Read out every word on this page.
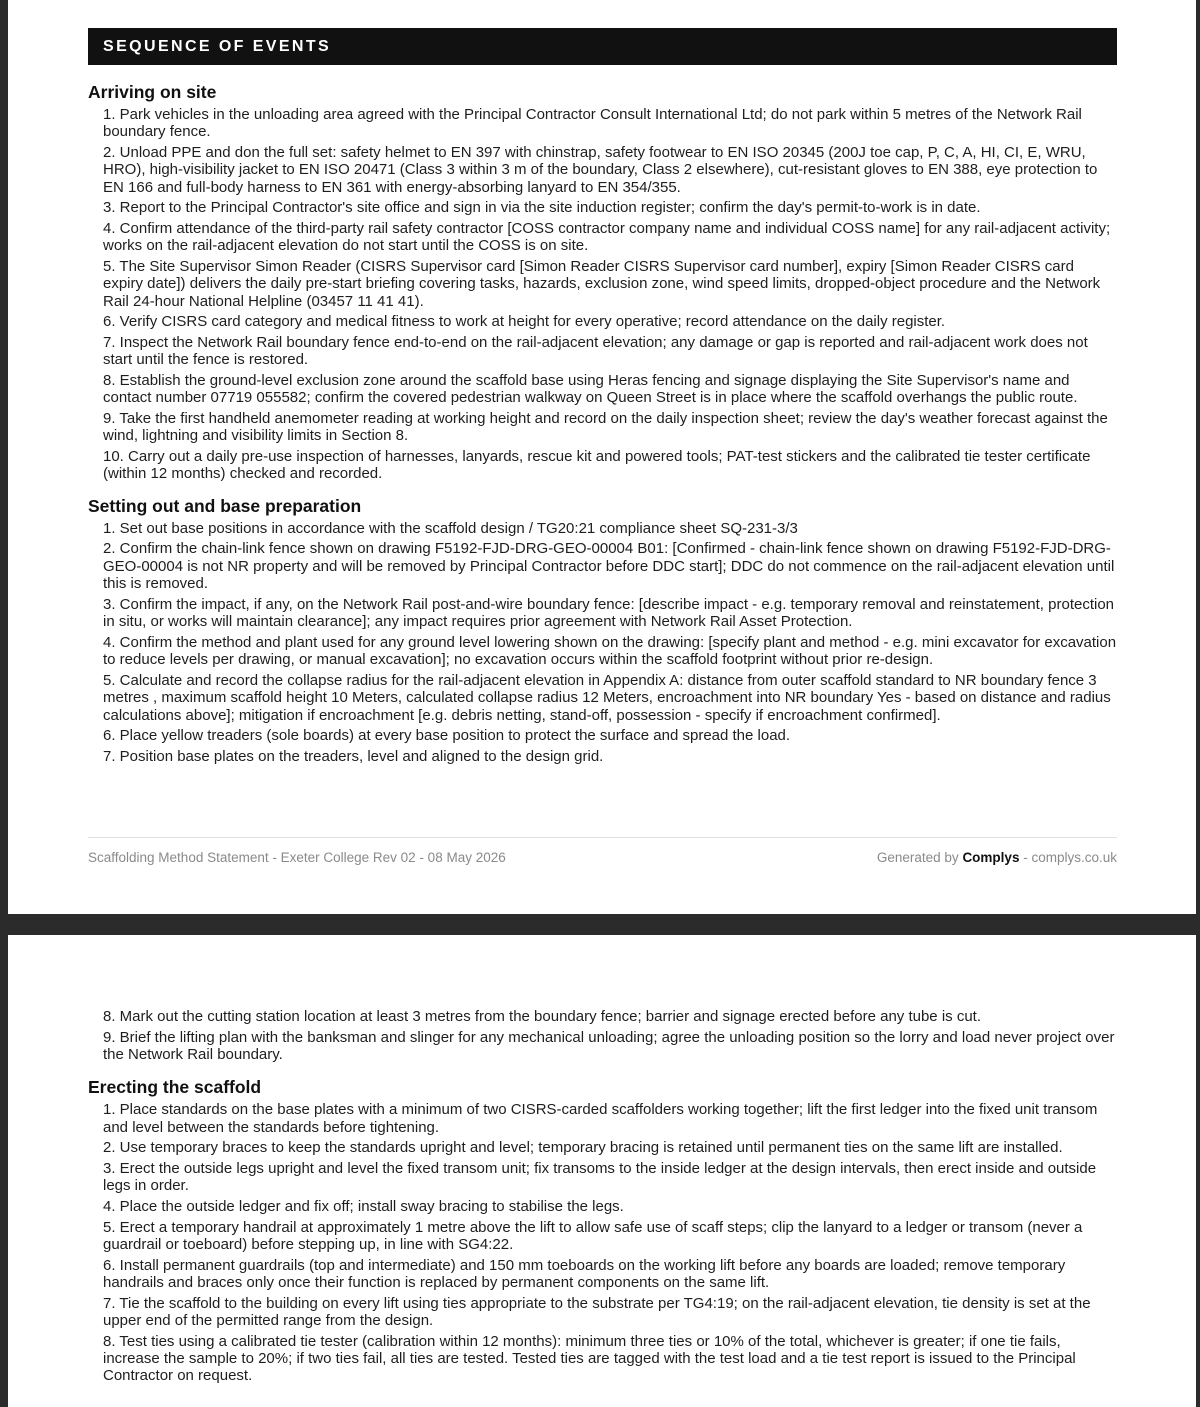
SEQUENCE OF EVENTS
Arriving on site
1. Park vehicles in the unloading area agreed with the Principal Contractor Consult International Ltd; do not park within 5 metres of the Network Rail boundary fence.
2. Unload PPE and don the full set: safety helmet to EN 397 with chinstrap, safety footwear to EN ISO 20345 (200J toe cap, P, C, A, HI, CI, E, WRU, HRO), high-visibility jacket to EN ISO 20471 (Class 3 within 3 m of the boundary, Class 2 elsewhere), cut-resistant gloves to EN 388, eye protection to EN 166 and full-body harness to EN 361 with energy-absorbing lanyard to EN 354/355.
3. Report to the Principal Contractor's site office and sign in via the site induction register; confirm the day's permit-to-work is in date.
4. Confirm attendance of the third-party rail safety contractor [COSS contractor company name and individual COSS name] for any rail-adjacent activity; works on the rail-adjacent elevation do not start until the COSS is on site.
5. The Site Supervisor Simon Reader (CISRS Supervisor card [Simon Reader CISRS Supervisor card number], expiry [Simon Reader CISRS card expiry date]) delivers the daily pre-start briefing covering tasks, hazards, exclusion zone, wind speed limits, dropped-object procedure and the Network Rail 24-hour National Helpline (03457 11 41 41).
6. Verify CISRS card category and medical fitness to work at height for every operative; record attendance on the daily register.
7. Inspect the Network Rail boundary fence end-to-end on the rail-adjacent elevation; any damage or gap is reported and rail-adjacent work does not start until the fence is restored.
8. Establish the ground-level exclusion zone around the scaffold base using Heras fencing and signage displaying the Site Supervisor's name and contact number 07719 055582; confirm the covered pedestrian walkway on Queen Street is in place where the scaffold overhangs the public route.
9. Take the first handheld anemometer reading at working height and record on the daily inspection sheet; review the day's weather forecast against the wind, lightning and visibility limits in Section 8.
10. Carry out a daily pre-use inspection of harnesses, lanyards, rescue kit and powered tools; PAT-test stickers and the calibrated tie tester certificate (within 12 months) checked and recorded.
Setting out and base preparation
1. Set out base positions in accordance with the scaffold design / TG20:21 compliance sheet SQ-231-3/3
2. Confirm the chain-link fence shown on drawing F5192-FJD-DRG-GEO-00004 B01: [Confirmed - chain-link fence shown on drawing F5192-FJD-DRG-GEO-00004 is not NR property and will be removed by Principal Contractor before DDC start]; DDC do not commence on the rail-adjacent elevation until this is removed.
3. Confirm the impact, if any, on the Network Rail post-and-wire boundary fence: [describe impact - e.g. temporary removal and reinstatement, protection in situ, or works will maintain clearance]; any impact requires prior agreement with Network Rail Asset Protection.
4. Confirm the method and plant used for any ground level lowering shown on the drawing: [specify plant and method - e.g. mini excavator for excavation to reduce levels per drawing, or manual excavation]; no excavation occurs within the scaffold footprint without prior re-design.
5. Calculate and record the collapse radius for the rail-adjacent elevation in Appendix A: distance from outer scaffold standard to NR boundary fence 3 metres , maximum scaffold height 10 Meters, calculated collapse radius 12 Meters, encroachment into NR boundary Yes - based on distance and radius calculations above]; mitigation if encroachment [e.g. debris netting, stand-off, possession - specify if encroachment confirmed].
6. Place yellow treaders (sole boards) at every base position to protect the surface and spread the load.
7. Position base plates on the treaders, level and aligned to the design grid.
Scaffolding Method Statement - Exeter College Rev 02 - 08 May 2026	Generated by Complys - complys.co.uk
8. Mark out the cutting station location at least 3 metres from the boundary fence; barrier and signage erected before any tube is cut.
9. Brief the lifting plan with the banksman and slinger for any mechanical unloading; agree the unloading position so the lorry and load never project over the Network Rail boundary.
Erecting the scaffold
1. Place standards on the base plates with a minimum of two CISRS-carded scaffolders working together; lift the first ledger into the fixed unit transom and level between the standards before tightening.
2. Use temporary braces to keep the standards upright and level; temporary bracing is retained until permanent ties on the same lift are installed.
3. Erect the outside legs upright and level the fixed transom unit; fix transoms to the inside ledger at the design intervals, then erect inside and outside legs in order.
4. Place the outside ledger and fix off; install sway bracing to stabilise the legs.
5. Erect a temporary handrail at approximately 1 metre above the lift to allow safe use of scaff steps; clip the lanyard to a ledger or transom (never a guardrail or toeboard) before stepping up, in line with SG4:22.
6. Install permanent guardrails (top and intermediate) and 150 mm toeboards on the working lift before any boards are loaded; remove temporary handrails and braces only once their function is replaced by permanent components on the same lift.
7. Tie the scaffold to the building on every lift using ties appropriate to the substrate per TG4:19; on the rail-adjacent elevation, tie density is set at the upper end of the permitted range from the design.
8. Test ties using a calibrated tie tester (calibration within 12 months): minimum three ties or 10% of the total, whichever is greater; if one tie fails, increase the sample to 20%; if two ties fail, all ties are tested. Tested ties are tagged with the test load and a tie test report is issued to the Principal Contractor on request.
